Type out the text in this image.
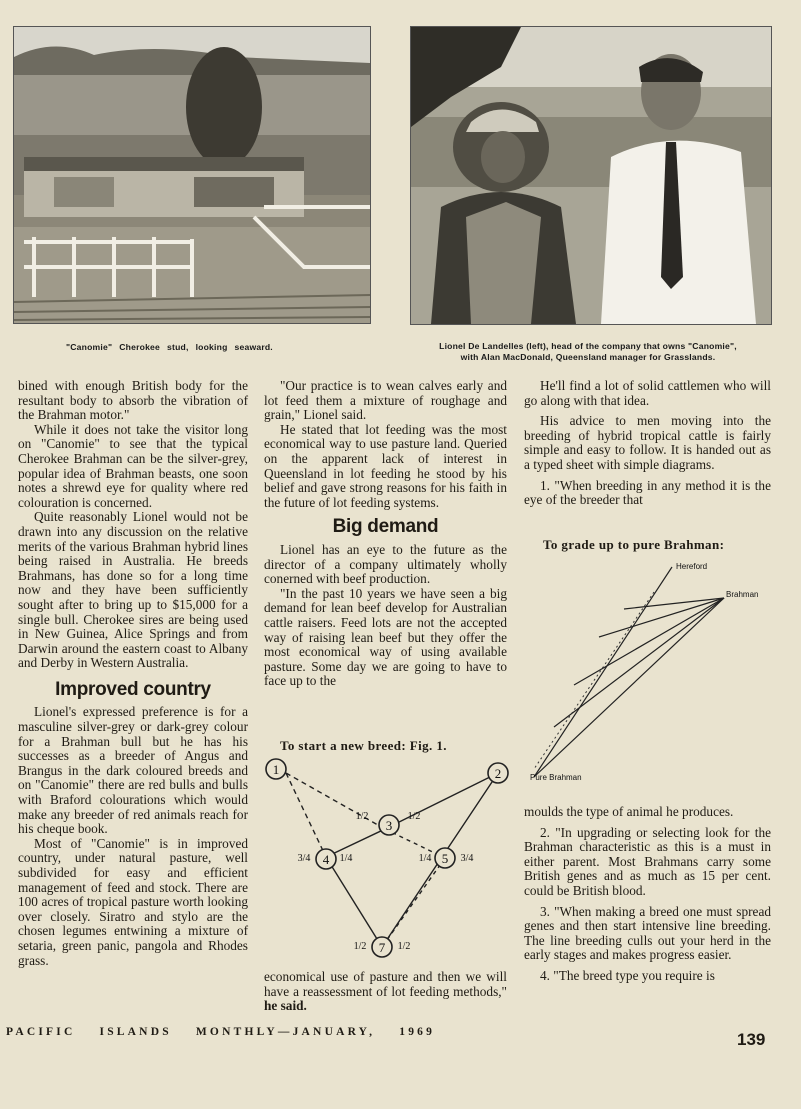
"Canomie" Cherokee stud, looking seaward.	Lionel De Landelles (left), head of the company that owns "Canomie",
with Alan MacDonald, Queensland manager for Grasslands.

bined with enough British body for the resultant body to absorb the vibration of the Brahman motor."

While it does not take the visitor long on "Canomie" to see that the typical Cherokee Brahman can be the silver-grey, popular idea of Brahman beasts, one soon notes a shrewd eye for quality where red colouration is concerned.

Quite reasonably Lionel would not be drawn into any discussion on the relative merits of the various Brahman hybrid lines being raised in Australia. He breeds Brahmans, has done so for a long time now and they have been sufficiently sought after to bring up to $15,000 for a single bull. Cherokee sires are being used in New Guinea, Alice Springs and from Darwin around the eastern coast to Albany and Derby in Western Australia.

Improved country

Lionel's expressed preference is for a masculine silver-grey or dark-grey colour for a Brahman bull but he has his successes as a breeder of Angus and Brangus in the dark coloured breeds and on "Canomie" there are red bulls and bulls with Braford colourations which would make any breeder of red animals reach for his cheque book.

Most of "Canomie" is in improved country, under natural pasture, well subdivided for easy and efficient management of feed and stock. There are 100 acres of tropical pasture worth looking over closely. Siratro and stylo are the chosen legumes entwining a mixture of setaria, green panic, pangola and Rhodes grass.

"Our practice is to wean calves early and lot feed them a mixture of roughage and grain," Lionel said.

He stated that lot feeding was the most economical way to use pasture land. Queried on the apparent lack of interest in Queensland in lot feeding he stood by his belief and gave strong reasons for his faith in the future of lot feeding systems.

Big demand

Lionel has an eye to the future as the director of a company ultimately wholly conerned with beef production.

"In the past 10 years we have seen a big demand for lean beef develop for Australian cattle raisers. Feed lots are not the accepted way of raising lean beef but they offer the most economical way of using available pasture. Some day we are going to have to face up to the

To start a new breed: Fig. 1.
1	2
3
4	5
7
1/2	1/2
3/4	1/4	1/4	3/4
1/2	1/2

economical use of pasture and then we will have a reassessment of lot feeding methods," he said.

He'll find a lot of solid cattlemen who will go along with that idea.

His advice to men moving into the breeding of hybrid tropical cattle is fairly simple and easy to follow. It is handed out as a typed sheet with simple diagrams.

1. "When breeding in any method it is the eye of the breeder that

To grade up to pure Brahman:
Hereford
Brahman
Pure Brahman

moulds the type of animal he produces.

2. "In upgrading or selecting look for the Brahman characteristic as this is a must in either parent. Most Brahmans carry some British genes and as much as 15 per cent. could be British blood.

3. "When making a breed one must spread genes and then start intensive line breeding. The line breeding culls out your herd in the early stages and makes progress easier.

4. "The breed type you require is

PACIFIC ISLANDS MONTHLY—JANUARY, 1969	139
